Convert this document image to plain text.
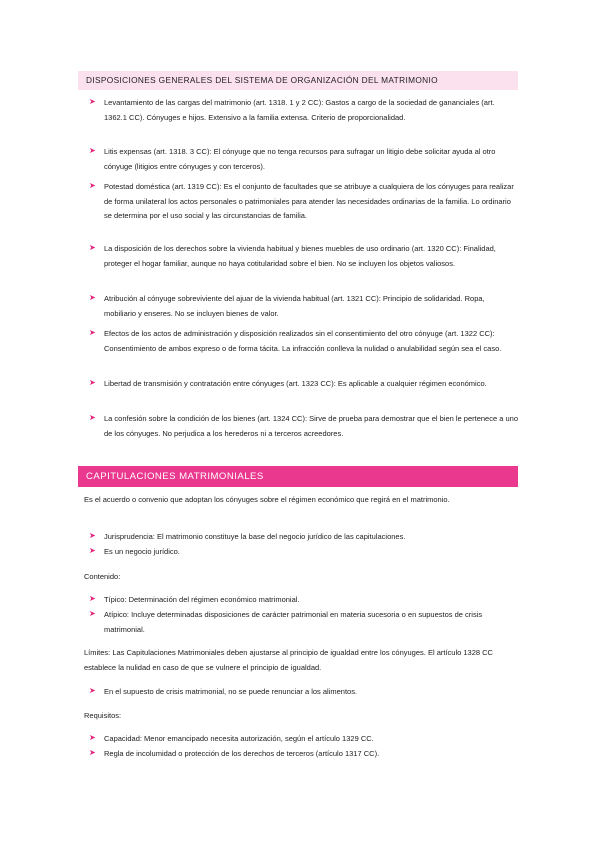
DISPOSICIONES GENERALES DEL SISTEMA DE ORGANIZACIÓN DEL MATRIMONIO
➤ Levantamiento de las cargas del matrimonio (art. 1318. 1 y 2 CC): Gastos a cargo de la sociedad de gananciales (art. 1362.1 CC). Cónyuges e hijos. Extensivo a la familia extensa. Criterio de proporcionalidad.
➤ Litis expensas (art. 1318. 3 CC): El cónyuge que no tenga recursos para sufragar un litigio debe solicitar ayuda al otro cónyuge (litigios entre cónyuges y con terceros).
➤ Potestad doméstica (art. 1319 CC): Es el conjunto de facultades que se atribuye a cualquiera de los cónyuges para realizar de forma unilateral los actos personales o patrimoniales para atender las necesidades ordinarias de la familia. Lo ordinario se determina por el uso social y las circunstancias de familia.
➤ La disposición de los derechos sobre la vivienda habitual y bienes muebles de uso ordinario (art. 1320 CC): Finalidad, proteger el hogar familiar, aunque no haya cotitularidad sobre el bien. No se incluyen los objetos valiosos.
➤ Atribución al cónyuge sobreviviente del ajuar de la vivienda habitual (art. 1321 CC): Principio de solidaridad. Ropa, mobiliario y enseres. No se incluyen bienes de valor.
➤ Efectos de los actos de administración y disposición realizados sin el consentimiento del otro cónyuge (art. 1322 CC): Consentimiento de ambos expreso o de forma tácita. La infracción conlleva la nulidad o anulabilidad según sea el caso.
➤ Libertad de transmisión y contratación entre cónyuges (art. 1323 CC): Es aplicable a cualquier régimen económico.
➤ La confesión sobre la condición de los bienes (art. 1324 CC): Sirve de prueba para demostrar que el bien le pertenece a uno de los cónyuges. No perjudica a los herederos ni a terceros acreedores.
CAPITULACIONES MATRIMONIALES
Es el acuerdo o convenio que adoptan los cónyuges sobre el régimen económico que regirá en el matrimonio.
➤ Jurisprudencia: El matrimonio constituye la base del negocio jurídico de las capitulaciones.
➤ Es un negocio jurídico.
Contenido:
➤ Típico: Determinación del régimen económico matrimonial.
➤ Atípico: Incluye determinadas disposiciones de carácter patrimonial en materia sucesoria o en supuestos de crisis matrimonial.
Límites: Las Capitulaciones Matrimoniales deben ajustarse al principio de igualdad entre los cónyuges. El artículo 1328 CC establece la nulidad en caso de que se vulnere el principio de igualdad.
➤ En el supuesto de crisis matrimonial, no se puede renunciar a los alimentos.
Requisitos:
➤ Capacidad: Menor emancipado necesita autorización, según el artículo 1329 CC.
➤ Regla de incolumidad o protección de los derechos de terceros (artículo 1317 CC).
